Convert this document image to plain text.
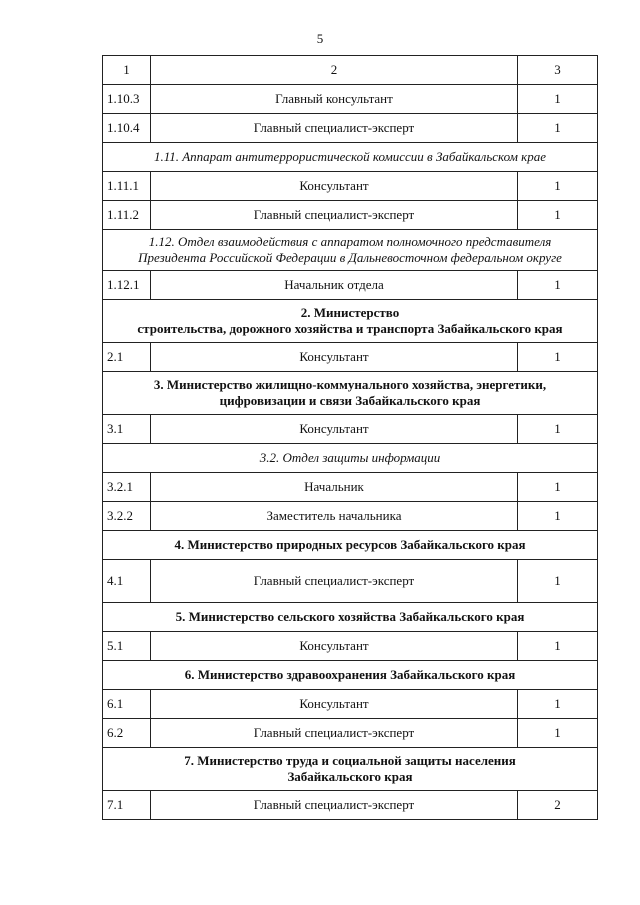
5
1	2	3
1.10.3	Главный консультант	1
1.10.4	Главный специалист-эксперт	1

1.11. Аппарат антитеррористической комиссии в Забайкальском крае		

1.11.1	Консультант	1
1.11.2	Главный специалист-эксперт	1

1.12. Отдел взаимодействия с аппаратом полномочного представителя
Президента Российской Федерации в Дальневосточном федеральном округе		

1.12.1	Начальник отдела	1

2. Министерство
строительства, дорожного хозяйства и транспорта Забайкальского края		

2.1	Консультант	1

3. Министерство жилищно-коммунального хозяйства, энергетики,
цифровизации и связи Забайкальского края		

3.1	Консультант	1

3.2. Отдел защиты информации		

3.2.1	Начальник	1
3.2.2	Заместитель начальника	1

4. Министерство природных ресурсов Забайкальского края		

4.1	Главный специалист-эксперт	1

5. Министерство сельского хозяйства Забайкальского края		

5.1	Консультант	1

6. Министерство здравоохранения Забайкальского края		

6.1	Консультант	1
6.2	Главный специалист-эксперт	1

7. Министерство труда и социальной защиты населения
Забайкальского края		

7.1	Главный специалист-эксперт	2
